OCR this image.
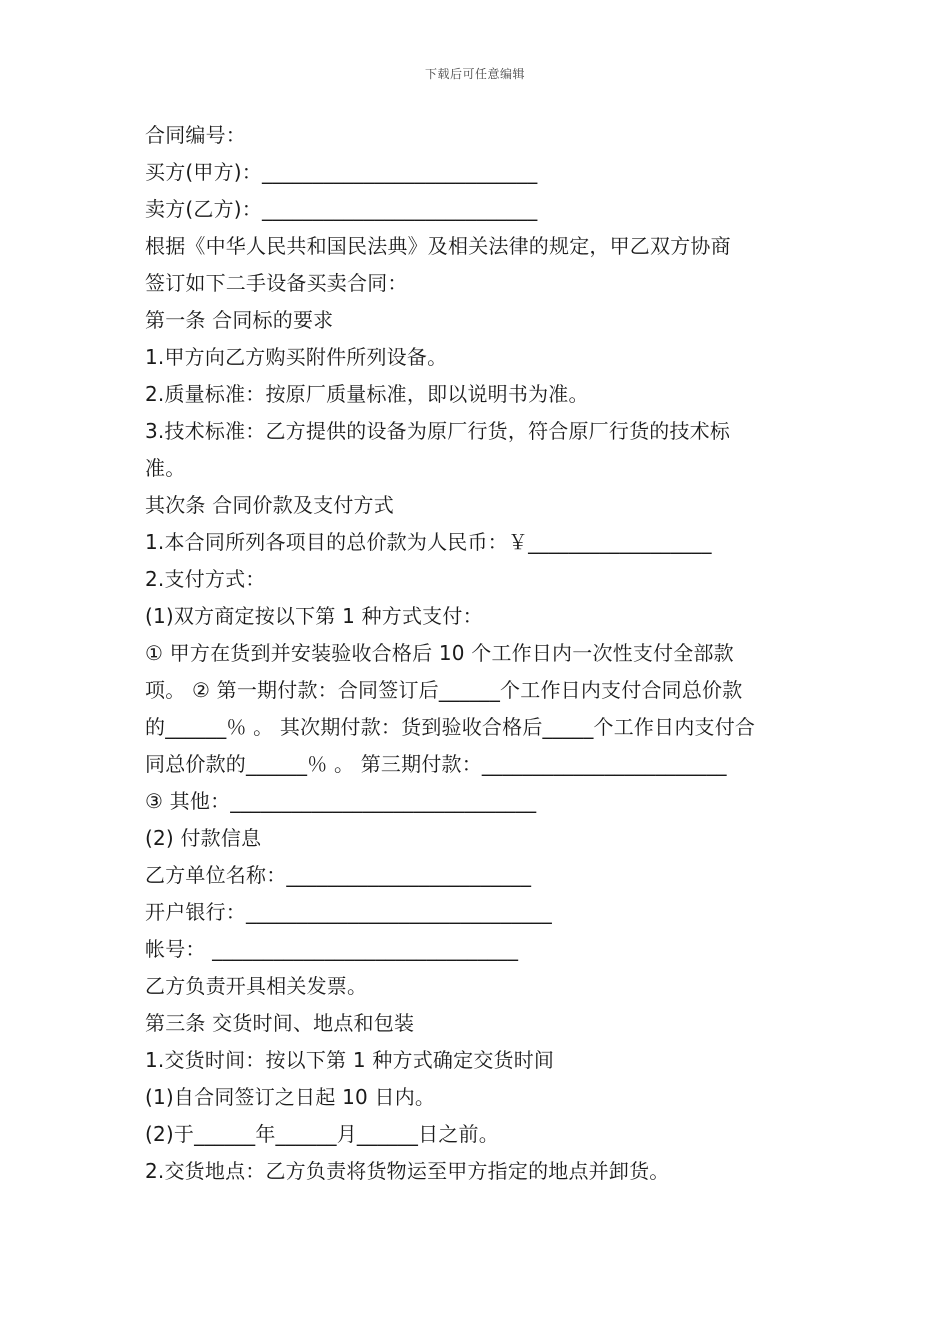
下载后可任意编辑
合同编号：
买方(甲方)：___________________________
卖方(乙方)：___________________________
根据《中华人民共和国民法典》及相关法律的规定，甲乙双方协商
签订如下二手设备买卖合同：
第一条 合同标的要求
1.甲方向乙方购买附件所列设备。
2.质量标准：按原厂质量标准，即以说明书为准。
3.技术标准：乙方提供的设备为原厂行货，符合原厂行货的技术标
准。
其次条 合同价款及支付方式
1.本合同所列各项目的总价款为人民币：￥__________________
2.支付方式：
(1)双方商定按以下第 1 种方式支付：
① 甲方在货到并安装验收合格后 10 个工作日内一次性支付全部款
项。 ② 第一期付款：合同签订后______个工作日内支付合同总价款
的______％ 。 其次期付款：货到验收合格后_____个工作日内支付合
同总价款的______％ 。 第三期付款：________________________
③ 其他：______________________________
(2) 付款信息
乙方单位名称：________________________
开户银行：______________________________
帐号： ______________________________
乙方负责开具相关发票。
第三条 交货时间、地点和包装
1.交货时间：按以下第 1 种方式确定交货时间
(1)自合同签订之日起 10 日内。
(2)于______年______月______日之前。
2.交货地点：乙方负责将货物运至甲方指定的地点并卸货。
